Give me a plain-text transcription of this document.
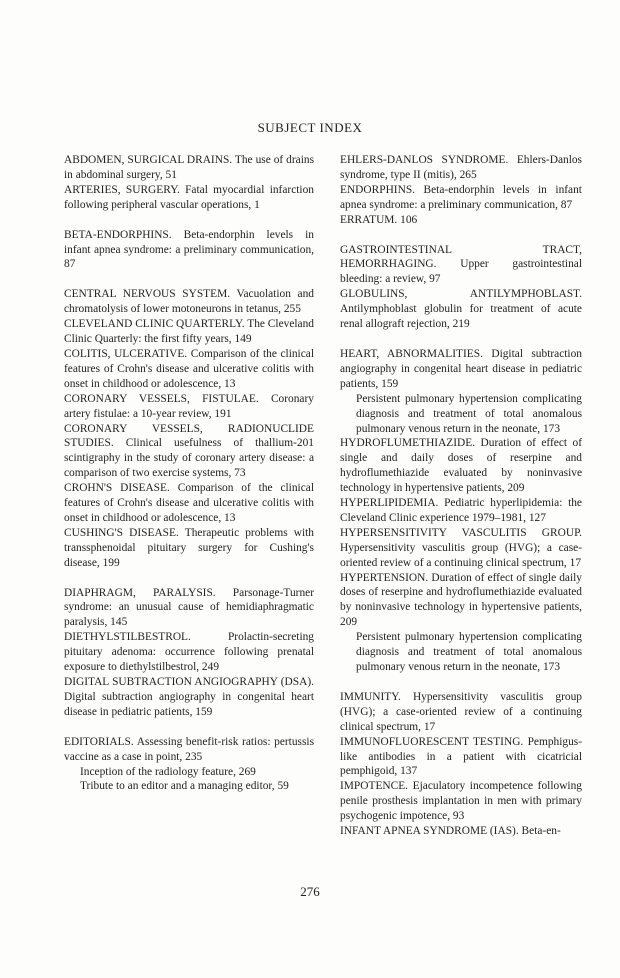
SUBJECT INDEX

ABDOMEN, SURGICAL DRAINS. The use of drains in abdominal surgery, 51

ARTERIES, SURGERY. Fatal myocardial infarction following peripheral vascular operations, 1

BETA-ENDORPHINS. Beta-endorphin levels in infant apnea syndrome: a preliminary communication, 87

CENTRAL NERVOUS SYSTEM. Vacuolation and chromatolysis of lower motoneurons in tetanus, 255

CLEVELAND CLINIC QUARTERLY. The Cleveland Clinic Quarterly: the first fifty years, 149

COLITIS, ULCERATIVE. Comparison of the clinical features of Crohn's disease and ulcerative colitis with onset in childhood or adolescence, 13

CORONARY VESSELS, FISTULAE. Coronary artery fistulae: a 10-year review, 191

CORONARY VESSELS, RADIONUCLIDE STUDIES. Clinical usefulness of thallium-201 scintigraphy in the study of coronary artery disease: a comparison of two exercise systems, 73

CROHN'S DISEASE. Comparison of the clinical features of Crohn's disease and ulcerative colitis with onset in childhood or adolescence, 13

CUSHING'S DISEASE. Therapeutic problems with transsphenoidal pituitary surgery for Cushing's disease, 199

DIAPHRAGM, PARALYSIS. Parsonage-Turner syndrome: an unusual cause of hemidiaphragmatic paralysis, 145

DIETHYLSTILBESTROL.	Prolactin-secreting pituitary adenoma: occurrence following prenatal exposure to diethylstilbestrol, 249

DIGITAL SUBTRACTION ANGIOGRAPHY (DSA). Digital subtraction angiography in congenital heart disease in pediatric patients, 159

EDITORIALS. Assessing benefit-risk ratios: pertussis vaccine as a case in point, 235
Inception of the radiology feature, 269
Tribute to an editor and a managing editor, 59

EHLERS-DANLOS SYNDROME. Ehlers-Danlos syndrome, type II (mitis), 265

ENDORPHINS. Beta-endorphin levels in infant apnea syndrome: a preliminary communication, 87

ERRATUM. 106

GASTROINTESTINAL TRACT, HEMORRHAGING. Upper gastrointestinal bleeding: a review, 97

GLOBULINS, ANTILYMPHOBLAST. Antilymphoblast globulin for treatment of acute renal allograft rejection, 219

HEART, ABNORMALITIES. Digital subtraction angiography in congenital heart disease in pediatric patients, 159
Persistent pulmonary hypertension complicating diagnosis and treatment of total anomalous pulmonary venous return in the neonate, 173

HYDROFLUMETHIAZIDE. Duration of effect of single and daily doses of reserpine and hydroflumethiazide evaluated by noninvasive technology in hypertensive patients, 209

HYPERLIPIDEMIA. Pediatric hyperlipidemia: the Cleveland Clinic experience 1979–1981, 127

HYPERSENSITIVITY VASCULITIS GROUP. Hypersensitivity vasculitis group (HVG); a case-oriented review of a continuing clinical spectrum, 17

HYPERTENSION. Duration of effect of single daily doses of reserpine and hydroflumethiazide evaluated by noninvasive technology in hypertensive patients, 209
Persistent pulmonary hypertension complicating diagnosis and treatment of total anomalous pulmonary venous return in the neonate, 173

IMMUNITY. Hypersensitivity vasculitis group (HVG); a case-oriented review of a continuing clinical spectrum, 17

IMMUNOFLUORESCENT TESTING. Pemphigus-like antibodies in a patient with cicatricial pemphigoid, 137

IMPOTENCE. Ejaculatory incompetence following penile prosthesis implantation in men with primary psychogenic impotence, 93

INFANT APNEA SYNDROME (IAS). Beta-en-

276
